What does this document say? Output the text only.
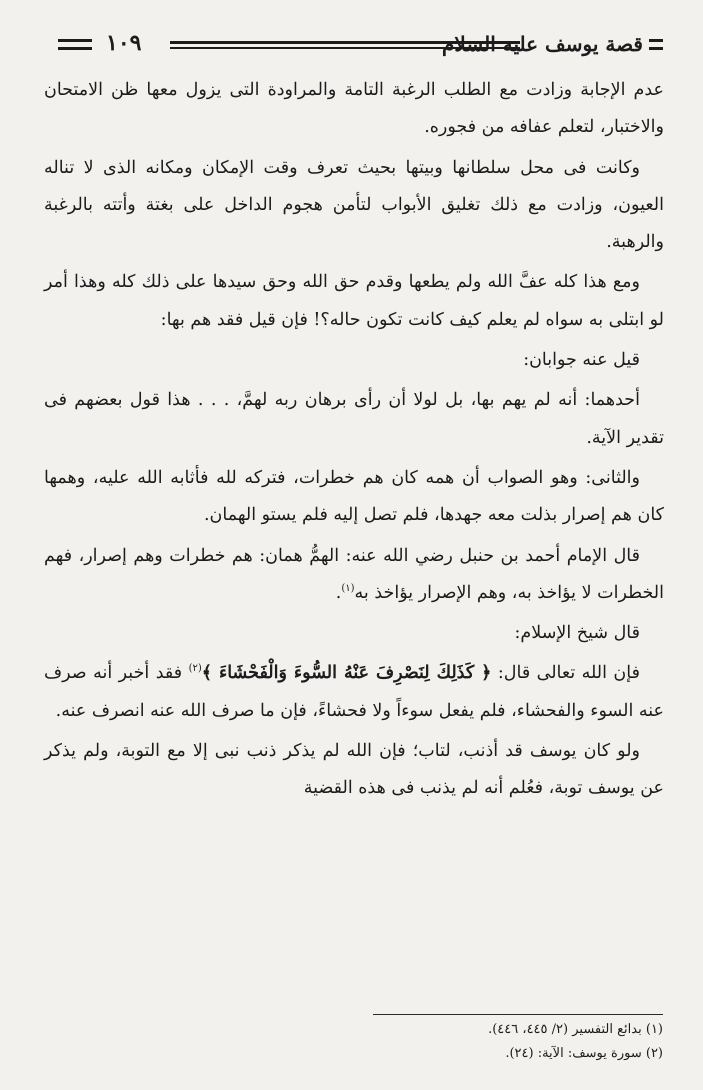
١٠٩	قصة يوسف عليه السلام

عدم الإجابة وزادت مع الطلب الرغبة التامة والمراودة التى يزول معها ظن الامتحان والاختبار، لتعلم عفافه من فجوره.

وكانت فى محل سلطانها وبيتها بحيث تعرف وقت الإمكان ومكانه الذى لا تناله العيون، وزادت مع ذلك تغليق الأبواب لتأمن هجوم الداخل على بغتة وأتته بالرغبة والرهبة.

ومع هذا كله عفَّ الله ولم يطعها وقدم حق الله وحق سيدها على ذلك كله وهذا أمر لو ابتلى به سواه لم يعلم كيف كانت تكون حاله؟! فإن قيل فقد هم بها:

قيل عنه جوابان:

أحدهما: أنه لم يهم بها، بل لولا أن رأى برهان ربه لهمَّ، . . . هذا قول بعضهم فى تقدير الآية.

والثانى: وهو الصواب أن همه كان هم خطرات، فتركه لله فأثابه الله عليه، وهمها كان هم إصرار بذلت معه جهدها، فلم تصل إليه فلم يستو الهمان.

قال الإمام أحمد بن حنبل رضي الله عنه: الهمُّ همان: هم خطرات وهم إصرار، فهم الخطرات لا يؤاخذ به، وهم الإصرار يؤاخذ به$^{(١)}$.

قال شيخ الإسلام:

فإن الله تعالى قال: ﴿ كَذَلِكَ لِنَصْرِفَ عَنْهُ السُّوءَ وَالْفَحْشَاءَ ﴾$^{(٢)}$ فقد أخبر أنه صرف عنه السوء والفحشاء، فلم يفعل سوءاً ولا فحشاءً، فإن ما صرف الله عنه انصرف عنه.

ولو كان يوسف قد أذنب، لتاب؛ فإن الله لم يذكر ذنب نبى إلا مع التوبة، ولم يذكر عن يوسف توبة، فعُلم أنه لم يذنب فى هذه القضية

(١) بدائع التفسير (٢/ ٤٤٥، ٤٤٦).

(٢) سورة يوسف: الآية: (٢٤).
